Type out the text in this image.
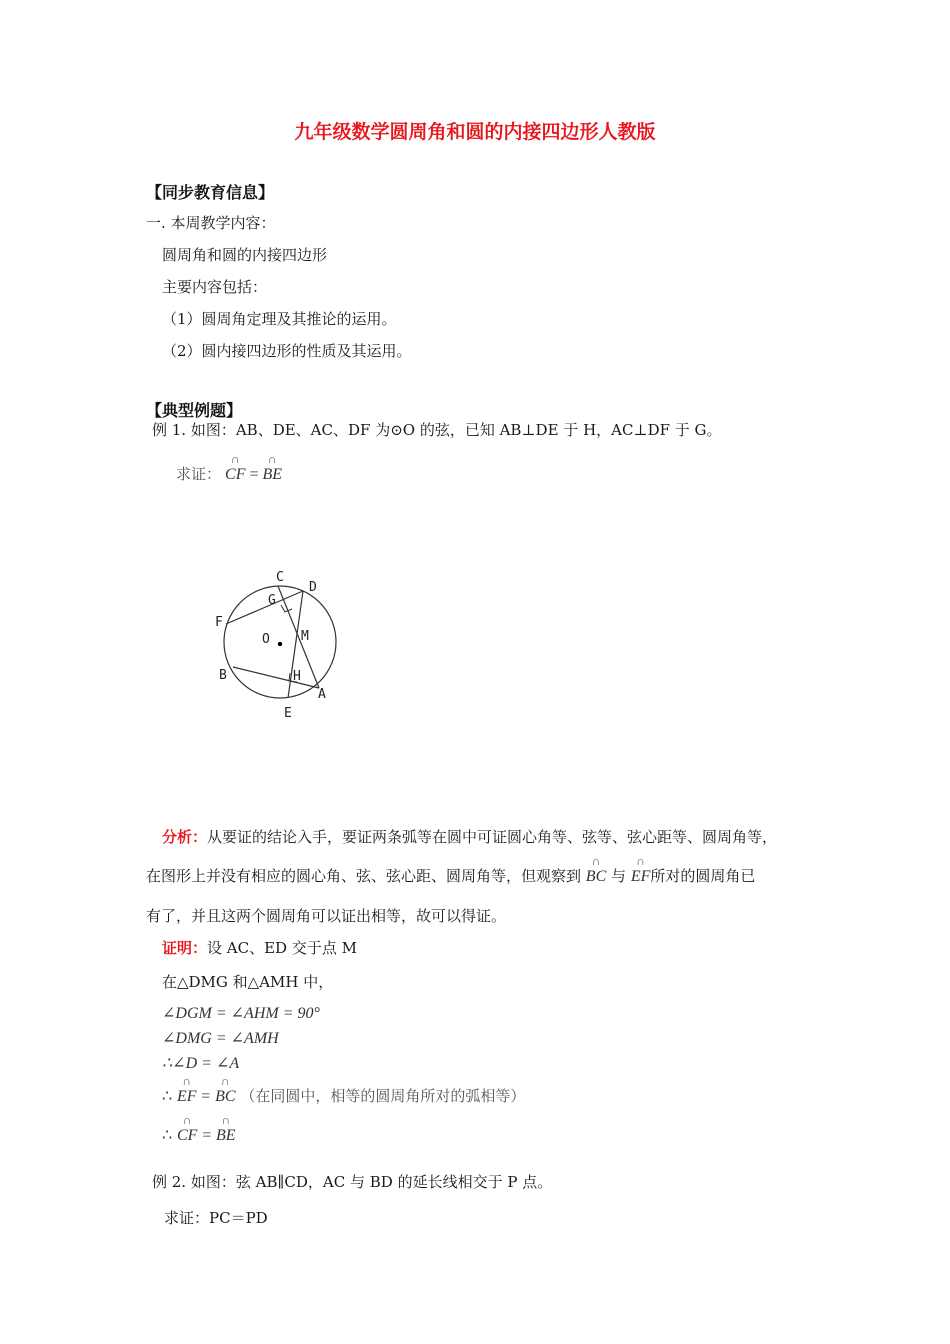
九年级数学圆周角和圆的内接四边形人教版
【同步教育信息】
一. 本周教学内容：
圆周角和圆的内接四边形
主要内容包括：
（1）圆周角定理及其推论的运用。
（2）圆内接四边形的性质及其运用。
【典型例题】
例 1. 如图：AB、DE、AC、DF 为⊙O 的弦，已知 AB⊥DE 于 H，AC⊥DF 于 G。
求证：
∩
CF =
∩
BE
C
D
G
F
O M
B	H
A
E
分析：从要证的结论入手，要证两条弧等在圆中可证圆心角等、弦等、弦心距等、圆周角等，
在图形上并没有相应的圆心角、弦、弦心距、圆周角等，但观察到
∩
BC 与
∩
EF所对的圆周角已
有了，并且这两个圆周角可以证出相等，故可以得证。
证明：设 AC、ED 交于点 M
在△DMG 和△AMH 中，
∠DGM = ∠AHM = 90°
∠DMG = ∠AMH
∴∠D = ∠A
∴
∩
EF =
∩
BC （在同圆中，相等的圆周角所对的弧相等）
∴
∩
CF =
∩
BE
例 2. 如图：弦 AB∥CD，AC 与 BD 的延长线相交于 P 点。
求证：PC＝PD
